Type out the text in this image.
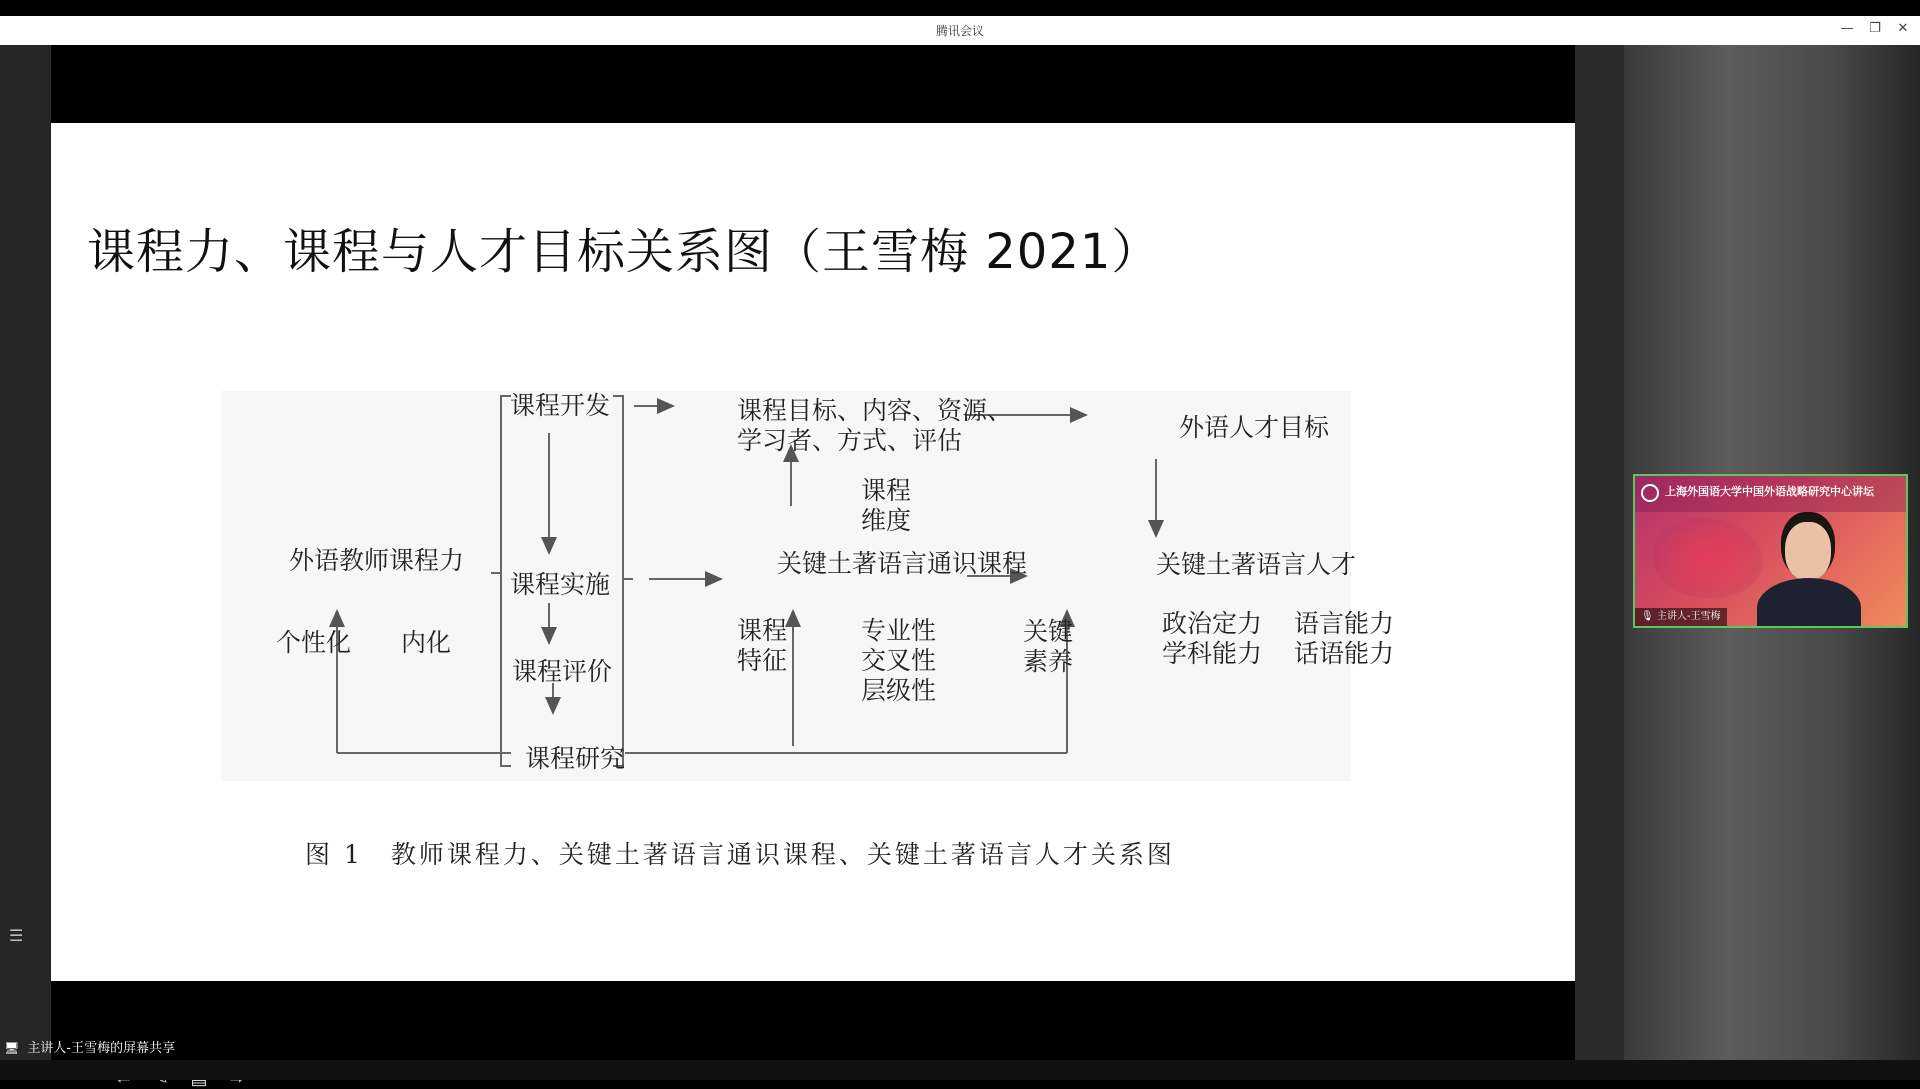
腾讯会议	— ❐ ✕
课程力、课程与人才目标关系图（王雪梅 2021）
课程开发
课程实施
课程评价
课程研究
外语教师课程力
个性化 内化
课程目标、内容、资源、
学习者、方式、评估	外语人才目标
课程
维度
关键土著语言通识课程	关键土著语言人才
课程
特征
专业性
交叉性
层级性
关键
素养
政治定力
学科能力
语言能力
话语能力
图 1　教师课程力、关键土著语言通识课程、关键土著语言人才关系图
☰
上海外国语大学中国外语战略研究中心讲坛
🎙 主讲人-王雪梅
🖥 主讲人-王雪梅的屏幕共享
